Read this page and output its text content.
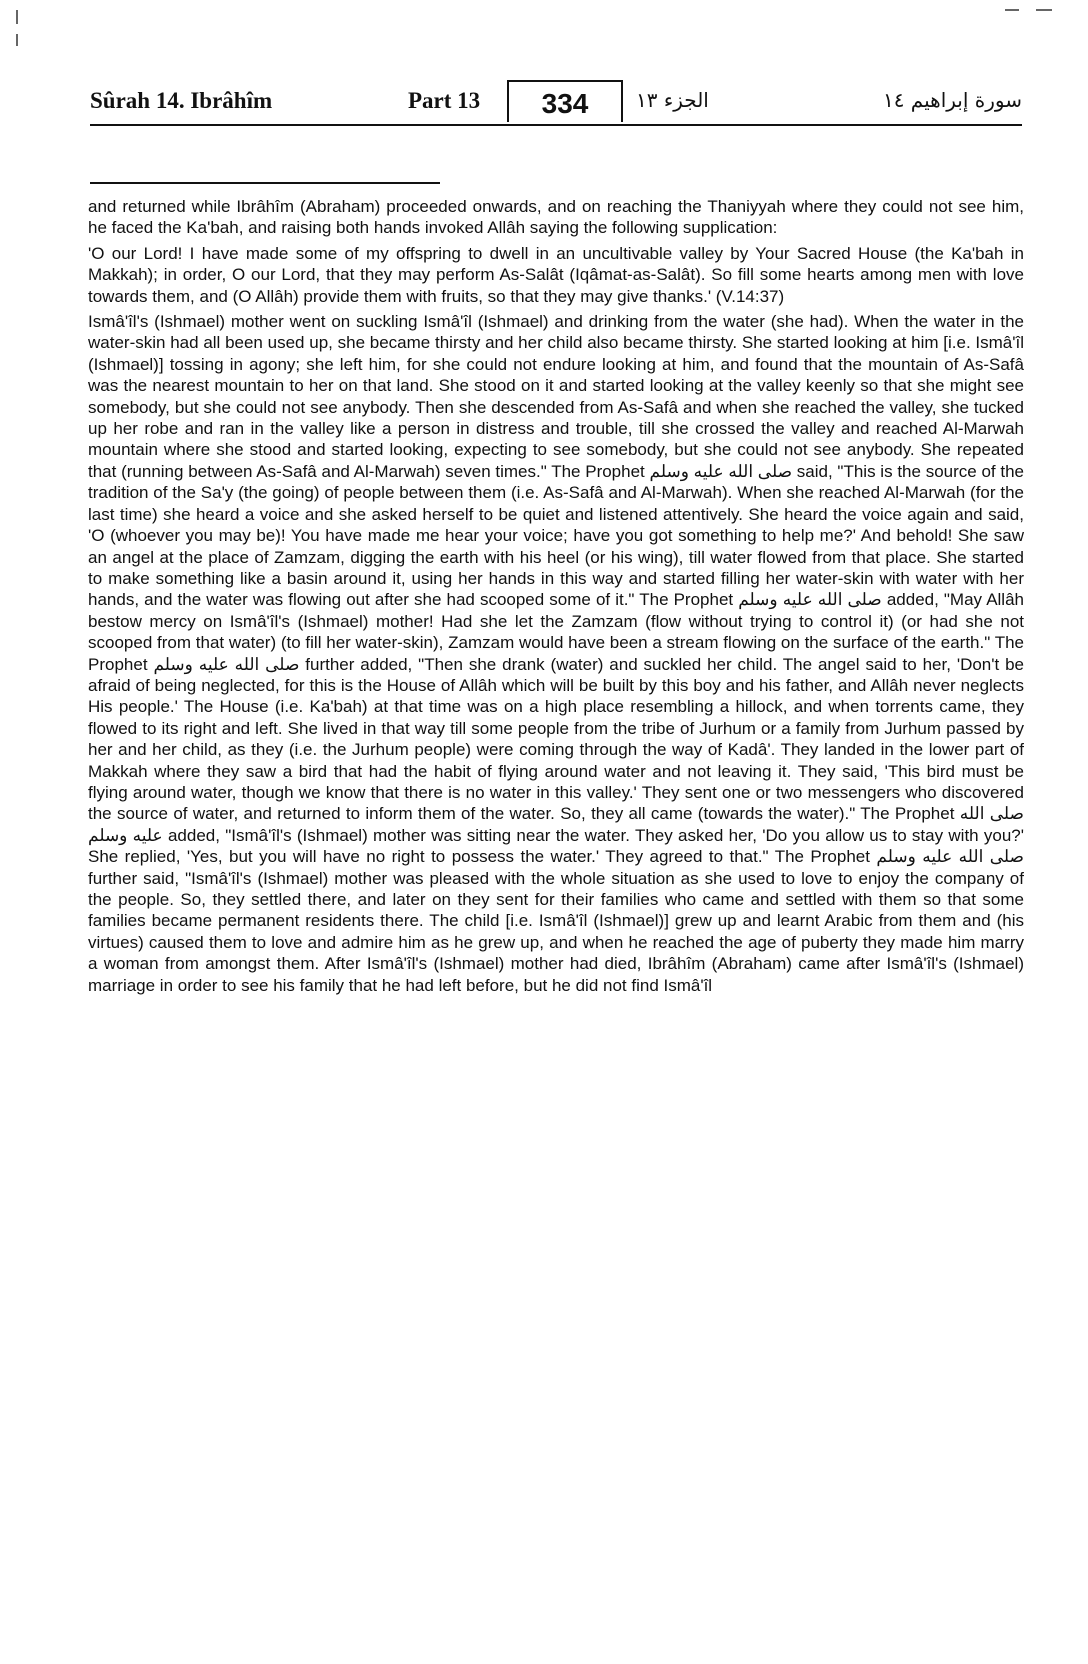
Sûrah 14. Ibrâhîm	Part 13	334	الجزء ١٣	سورة إبراهيم ١٤

and returned while Ibrâhîm (Abraham) proceeded onwards, and on reaching the Thaniyyah where they could not see him, he faced the Ka'bah, and raising both hands invoked Allâh saying the following supplication:

'O our Lord! I have made some of my offspring to dwell in an uncultivable valley by Your Sacred House (the Ka'bah in Makkah); in order, O our Lord, that they may perform As-Salât (Iqâmat-as-Salât). So fill some hearts among men with love towards them, and (O Allâh) provide them with fruits, so that they may give thanks.' (V.14:37)

Ismâ'îl's (Ishmael) mother went on suckling Ismâ'îl (Ishmael) and drinking from the water (she had). When the water in the water-skin had all been used up, she became thirsty and her child also became thirsty. She started looking at him [i.e. Ismâ'îl (Ishmael)] tossing in agony; she left him, for she could not endure looking at him, and found that the mountain of As-Safâ was the nearest mountain to her on that land. She stood on it and started looking at the valley keenly so that she might see somebody, but she could not see anybody. Then she descended from As-Safâ and when she reached the valley, she tucked up her robe and ran in the valley like a person in distress and trouble, till she crossed the valley and reached Al-Marwah mountain where she stood and started looking, expecting to see somebody, but she could not see anybody. She repeated that (running between As-Safâ and Al-Marwah) seven times." The Prophet صلى الله عليه وسلم said, "This is the source of the tradition of the Sa'y (the going) of people between them (i.e. As-Safâ and Al-Marwah). When she reached Al-Marwah (for the last time) she heard a voice and she asked herself to be quiet and listened attentively. She heard the voice again and said, 'O (whoever you may be)! You have made me hear your voice; have you got something to help me?' And behold! She saw an angel at the place of Zamzam, digging the earth with his heel (or his wing), till water flowed from that place. She started to make something like a basin around it, using her hands in this way and started filling her water-skin with water with her hands, and the water was flowing out after she had scooped some of it." The Prophet صلى الله عليه وسلم added, "May Allâh bestow mercy on Ismâ'îl's (Ishmael) mother! Had she let the Zamzam (flow without trying to control it) (or had she not scooped from that water) (to fill her water-skin), Zamzam would have been a stream flowing on the surface of the earth." The Prophet صلى الله عليه وسلم further added, "Then she drank (water) and suckled her child. The angel said to her, 'Don't be afraid of being neglected, for this is the House of Allâh which will be built by this boy and his father, and Allâh never neglects His people.' The House (i.e. Ka'bah) at that time was on a high place resembling a hillock, and when torrents came, they flowed to its right and left. She lived in that way till some people from the tribe of Jurhum or a family from Jurhum passed by her and her child, as they (i.e. the Jurhum people) were coming through the way of Kadâ'. They landed in the lower part of Makkah where they saw a bird that had the habit of flying around water and not leaving it. They said, 'This bird must be flying around water, though we know that there is no water in this valley.' They sent one or two messengers who discovered the source of water, and returned to inform them of the water. So, they all came (towards the water)." The Prophet صلى الله عليه وسلم added, "Ismâ'îl's (Ishmael) mother was sitting near the water. They asked her, 'Do you allow us to stay with you?' She replied, 'Yes, but you will have no right to possess the water.' They agreed to that." The Prophet صلى الله عليه وسلم further said, "Ismâ'îl's (Ishmael) mother was pleased with the whole situation as she used to love to enjoy the company of the people. So, they settled there, and later on they sent for their families who came and settled with them so that some families became permanent residents there. The child [i.e. Ismâ'îl (Ishmael)] grew up and learnt Arabic from them and (his virtues) caused them to love and admire him as he grew up, and when he reached the age of puberty they made him marry a woman from amongst them. After Ismâ'îl's (Ishmael) mother had died, Ibrâhîm (Abraham) came after Ismâ'îl's (Ishmael) marriage in order to see his family that he had left before, but he did not find Ismâ'îl
